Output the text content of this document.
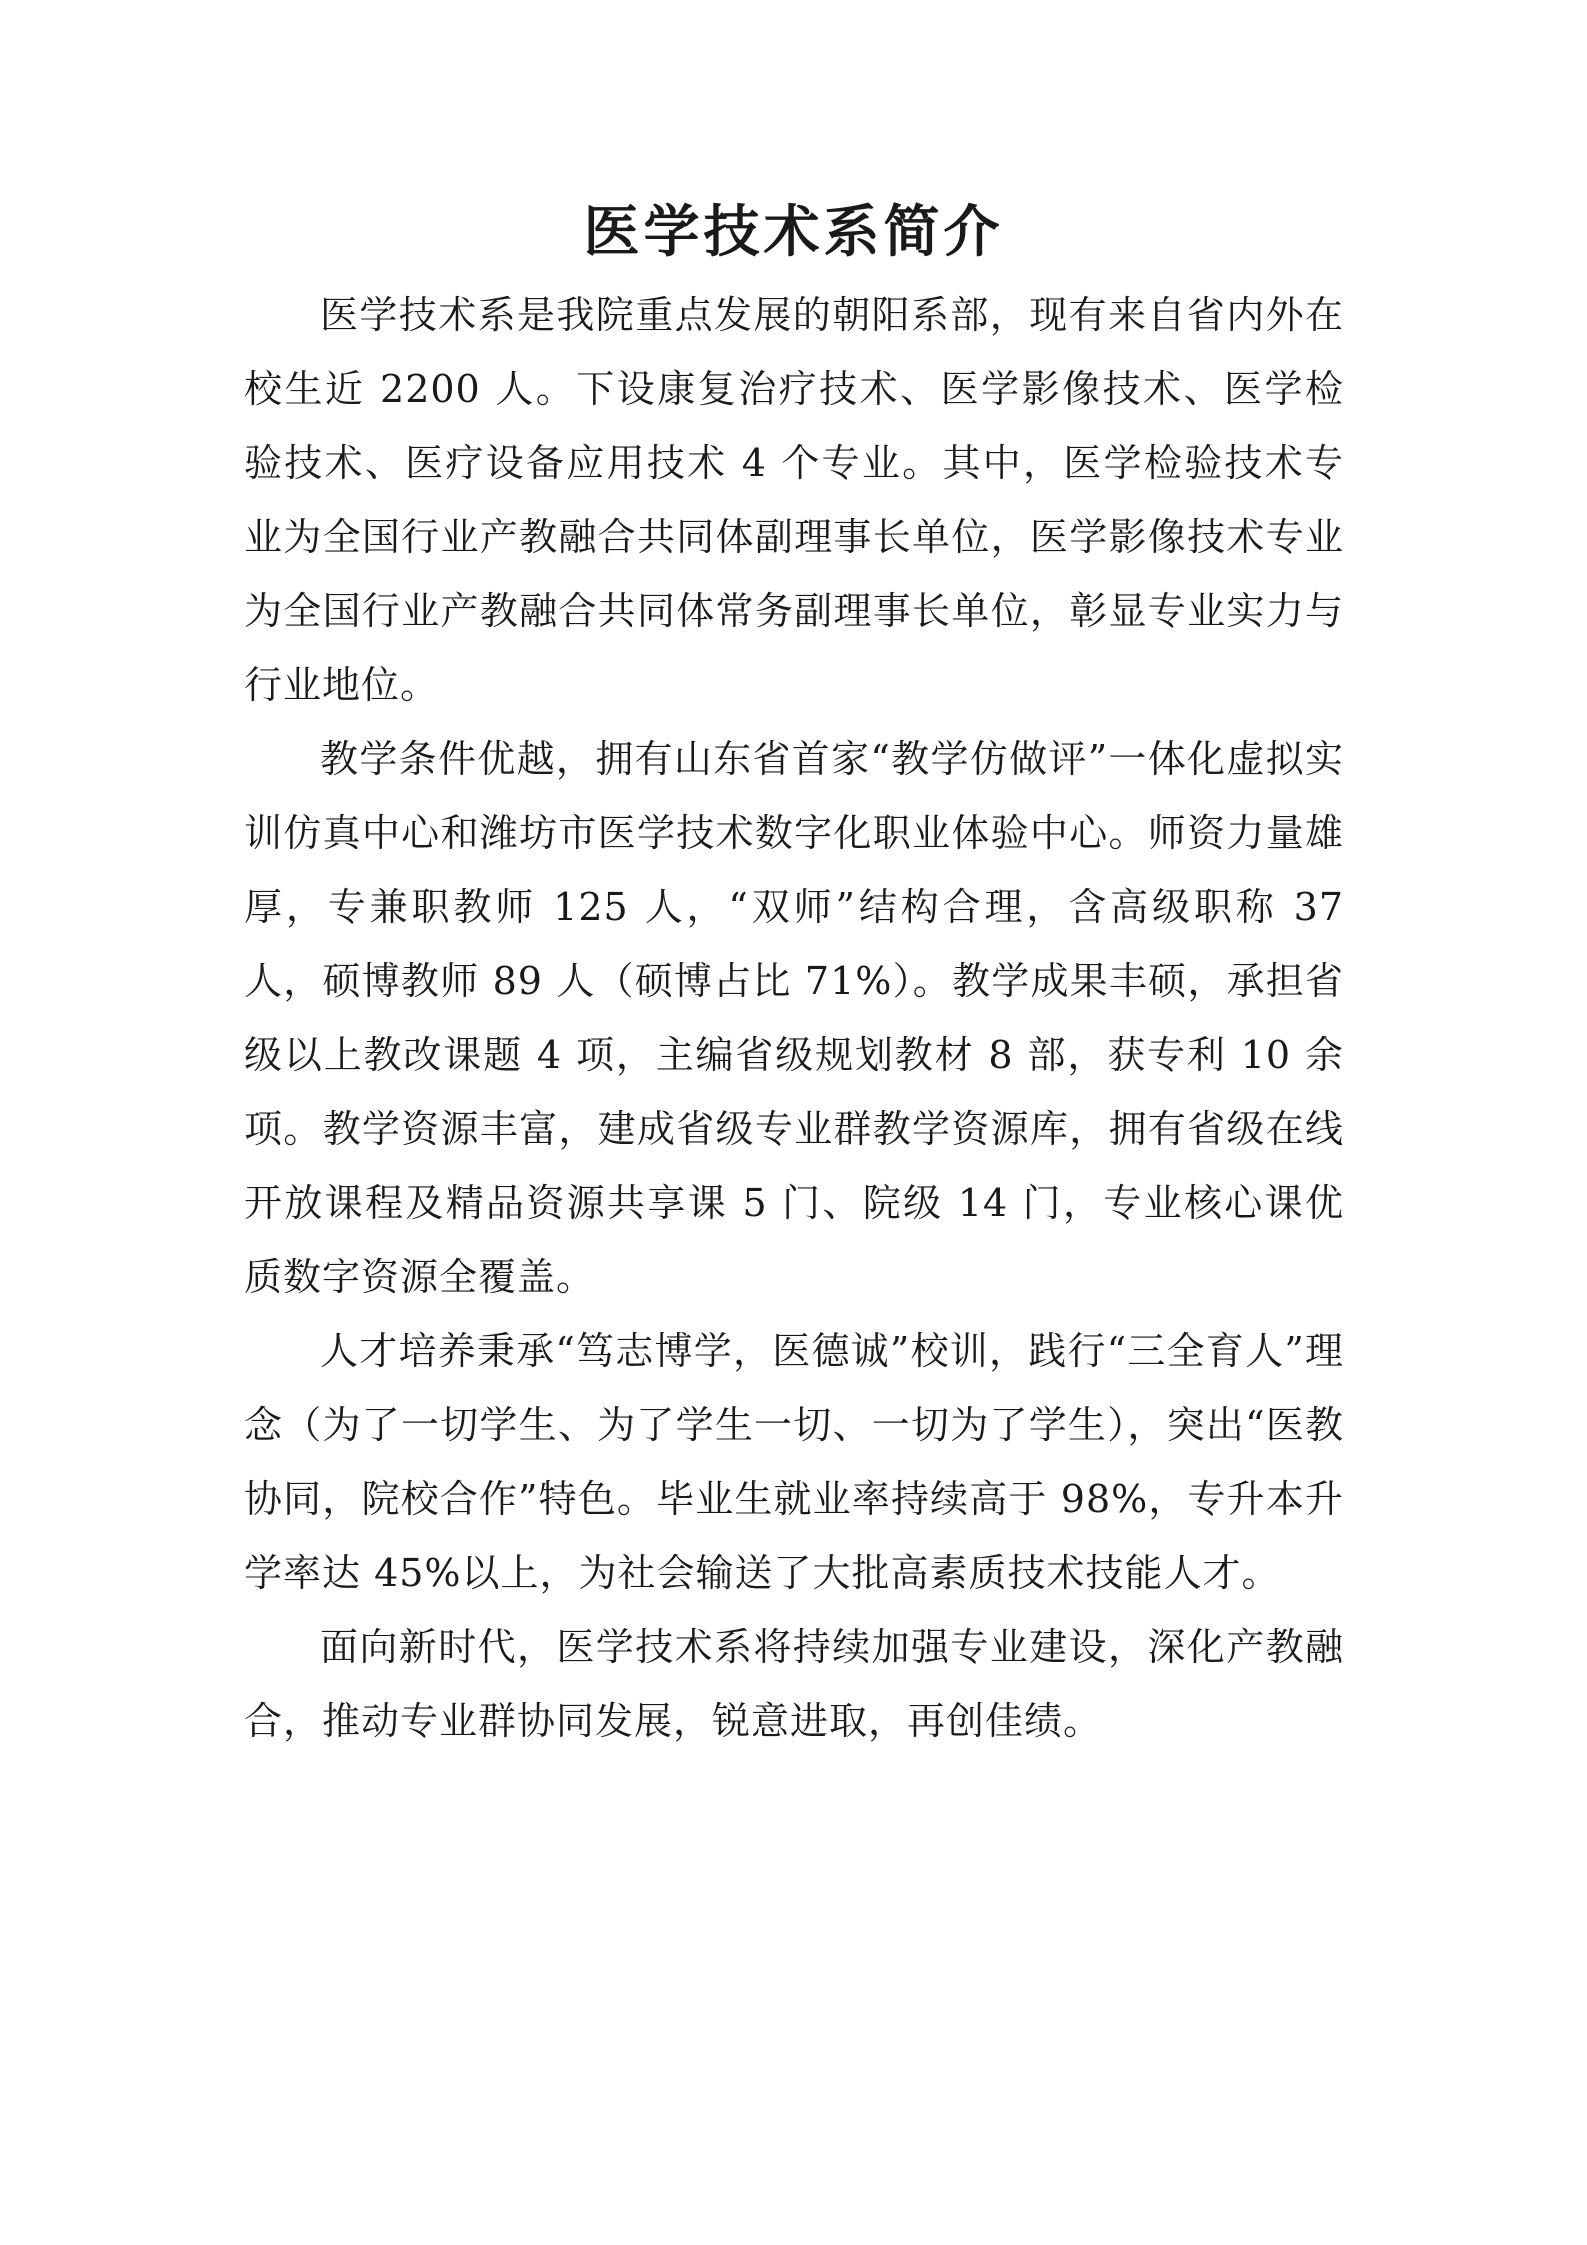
医学技术系简介

医学技术系是我院重点发展的朝阳系部，现有来自省内外在校生近 2200 人。下设康复治疗技术、医学影像技术、医学检验技术、医疗设备应用技术 4 个专业。其中，医学检验技术专业为全国行业产教融合共同体副理事长单位，医学影像技术专业为全国行业产教融合共同体常务副理事长单位，彰显专业实力与行业地位。

教学条件优越，拥有山东省首家“教学仿做评”一体化虚拟实训仿真中心和潍坊市医学技术数字化职业体验中心。师资力量雄厚，专兼职教师 125 人，“双师”结构合理，含高级职称 37 人，硕博教师 89 人（硕博占比 71%）。教学成果丰硕，承担省级以上教改课题 4 项，主编省级规划教材 8 部，获专利 10 余项。教学资源丰富，建成省级专业群教学资源库，拥有省级在线开放课程及精品资源共享课 5 门、院级 14 门，专业核心课优质数字资源全覆盖。

人才培养秉承“笃志博学，医德诚”校训，践行“三全育人”理念（为了一切学生、为了学生一切、一切为了学生），突出“医教协同，院校合作”特色。毕业生就业率持续高于 98%，专升本升学率达 45%以上，为社会输送了大批高素质技术技能人才。

面向新时代，医学技术系将持续加强专业建设，深化产教融合，推动专业群协同发展，锐意进取，再创佳绩。
